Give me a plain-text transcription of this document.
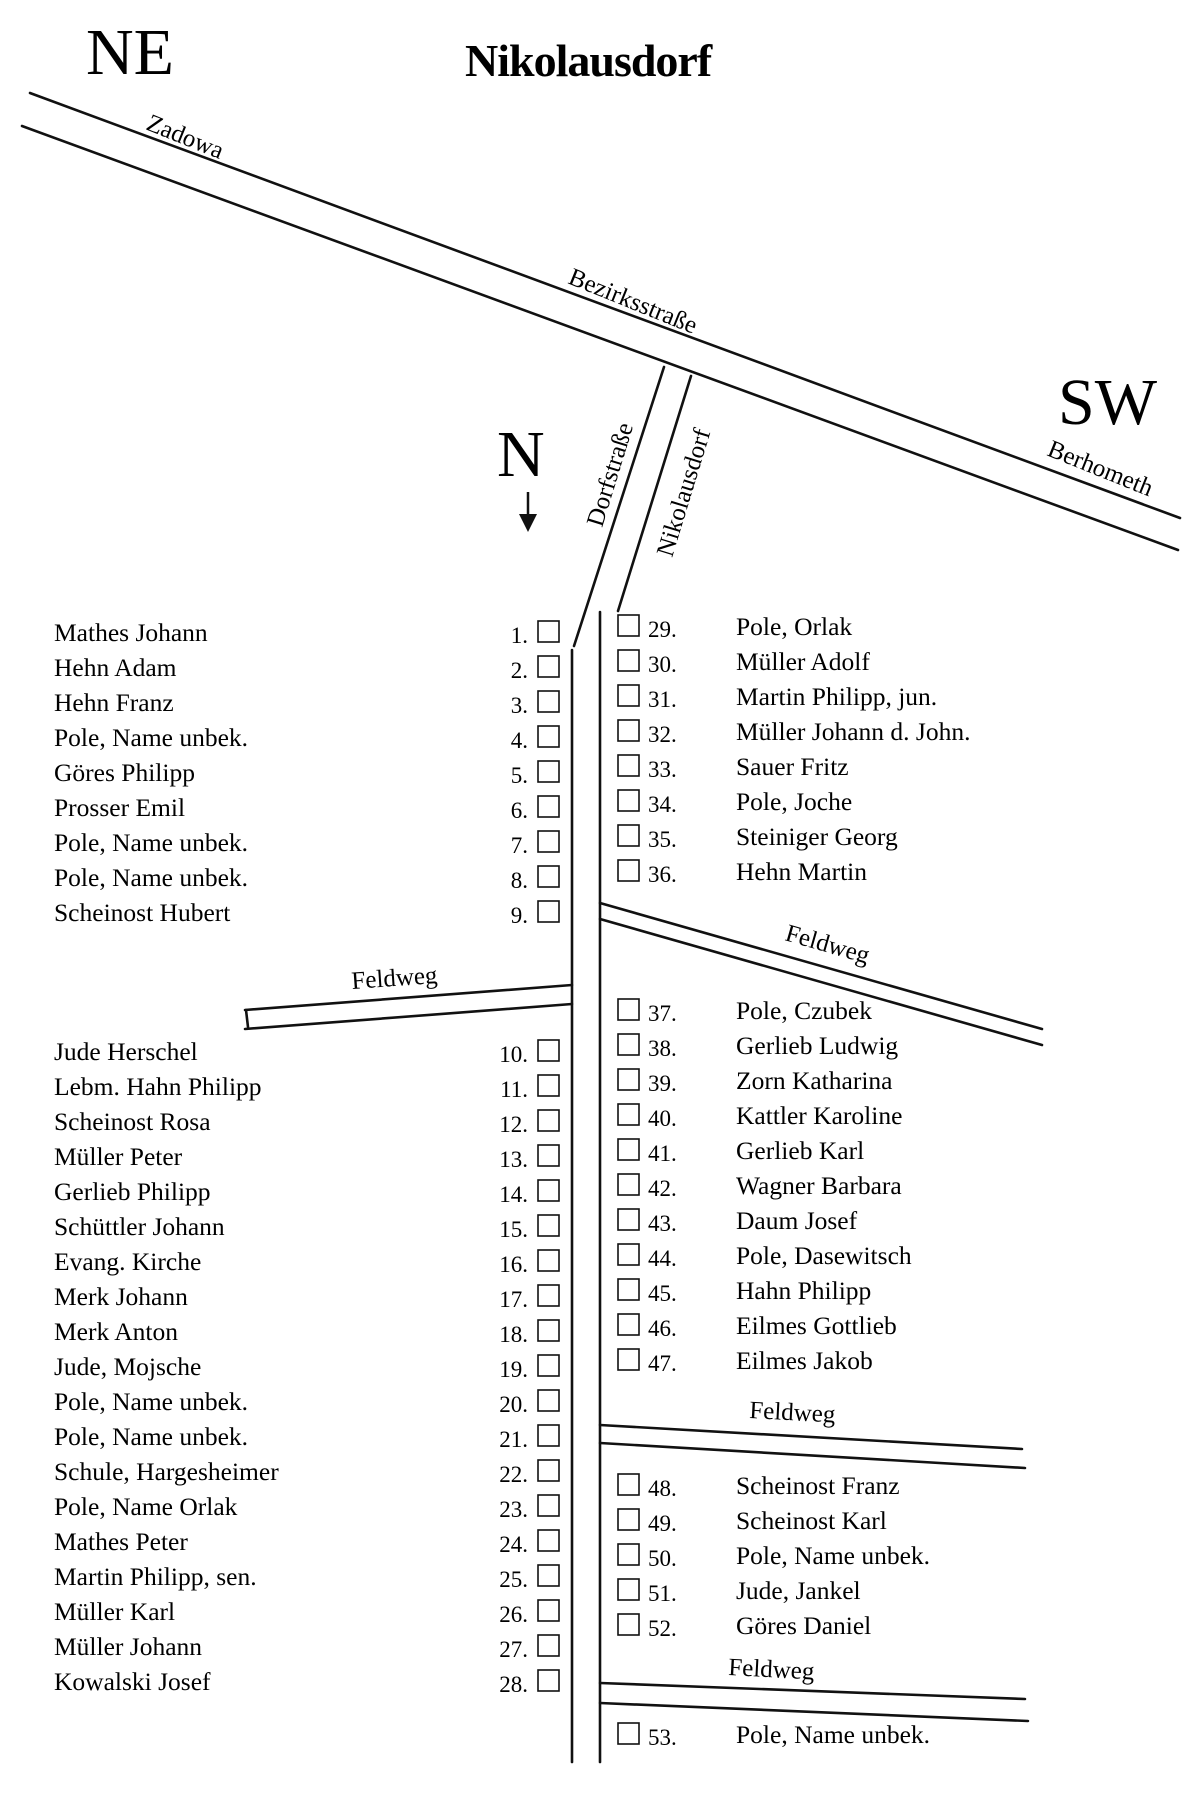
Nikolausdorf
NE
SW
N
Zadowa
Bezirksstraße
Berhometh
Dorfstraße Nikolausdorf
Feldweg
Feldweg
Feldweg
Feldweg
Mathes Johann	1.
Hehn Adam	2.
Hehn Franz	3.
Pole, Name unbek.	4.
Göres Philipp	5.
Prosser Emil	6.
Pole, Name unbek.	7.
Pole, Name unbek.	8.
Scheinost Hubert	9.
Jude Herschel	10.
Lebm. Hahn Philipp	11.
Scheinost Rosa	12.
Müller Peter	13.
Gerlieb Philipp	14.
Schüttler Johann	15.
Evang. Kirche	16.
Merk Johann	17.
Merk Anton	18.
Jude, Mojsche	19.
Pole, Name unbek.	20.
Pole, Name unbek.	21.
Schule, Hargesheimer	22.
Pole, Name Orlak	23.
Mathes Peter	24.
Martin Philipp, sen.	25.
Müller Karl	26.
Müller Johann	27.
Kowalski Josef	28.
29. Pole, Orlak
30. Müller Adolf
31. Martin Philipp, jun.
32. Müller Johann d. John.
33. Sauer Fritz
34. Pole, Joche
35. Steiniger Georg
36. Hehn Martin
37. Pole, Czubek
38. Gerlieb Ludwig
39. Zorn Katharina
40. Kattler Karoline
41. Gerlieb Karl
42. Wagner Barbara
43. Daum Josef
44. Pole, Dasewitsch
45. Hahn Philipp
46. Eilmes Gottlieb
47. Eilmes Jakob
48. Scheinost Franz
49. Scheinost Karl
50. Pole, Name unbek.
51. Jude, Jankel
52. Göres Daniel
53. Pole, Name unbek.
